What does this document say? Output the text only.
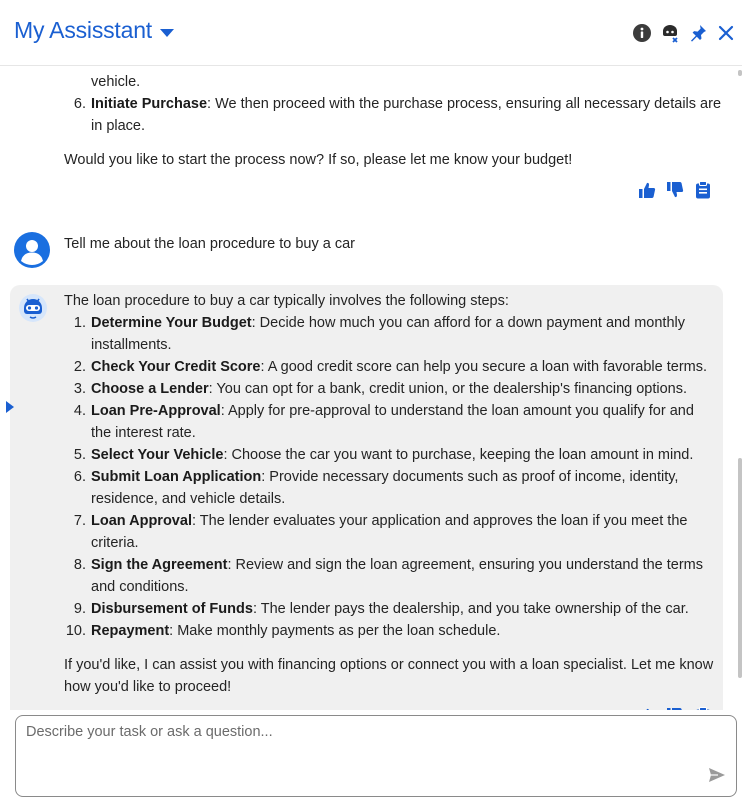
My Assisstant
vehicle.
6. Initiate Purchase: We then proceed with the purchase process, ensuring all necessary details are in place.
Would you like to start the process now? If so, please let me know your budget!
Tell me about the loan procedure to buy a car
The loan procedure to buy a car typically involves the following steps:
1. Determine Your Budget: Decide how much you can afford for a down payment and monthly installments.
2. Check Your Credit Score: A good credit score can help you secure a loan with favorable terms.
3. Choose a Lender: You can opt for a bank, credit union, or the dealership's financing options.
4. Loan Pre-Approval: Apply for pre-approval to understand the loan amount you qualify for and the interest rate.
5. Select Your Vehicle: Choose the car you want to purchase, keeping the loan amount in mind.
6. Submit Loan Application: Provide necessary documents such as proof of income, identity, residence, and vehicle details.
7. Loan Approval: The lender evaluates your application and approves the loan if you meet the criteria.
8. Sign the Agreement: Review and sign the loan agreement, ensuring you understand the terms and conditions.
9. Disbursement of Funds: The lender pays the dealership, and you take ownership of the car.
10. Repayment: Make monthly payments as per the loan schedule.
If you'd like, I can assist you with financing options or connect you with a loan specialist. Let me know how you'd like to proceed!
Describe your task or ask a question...
